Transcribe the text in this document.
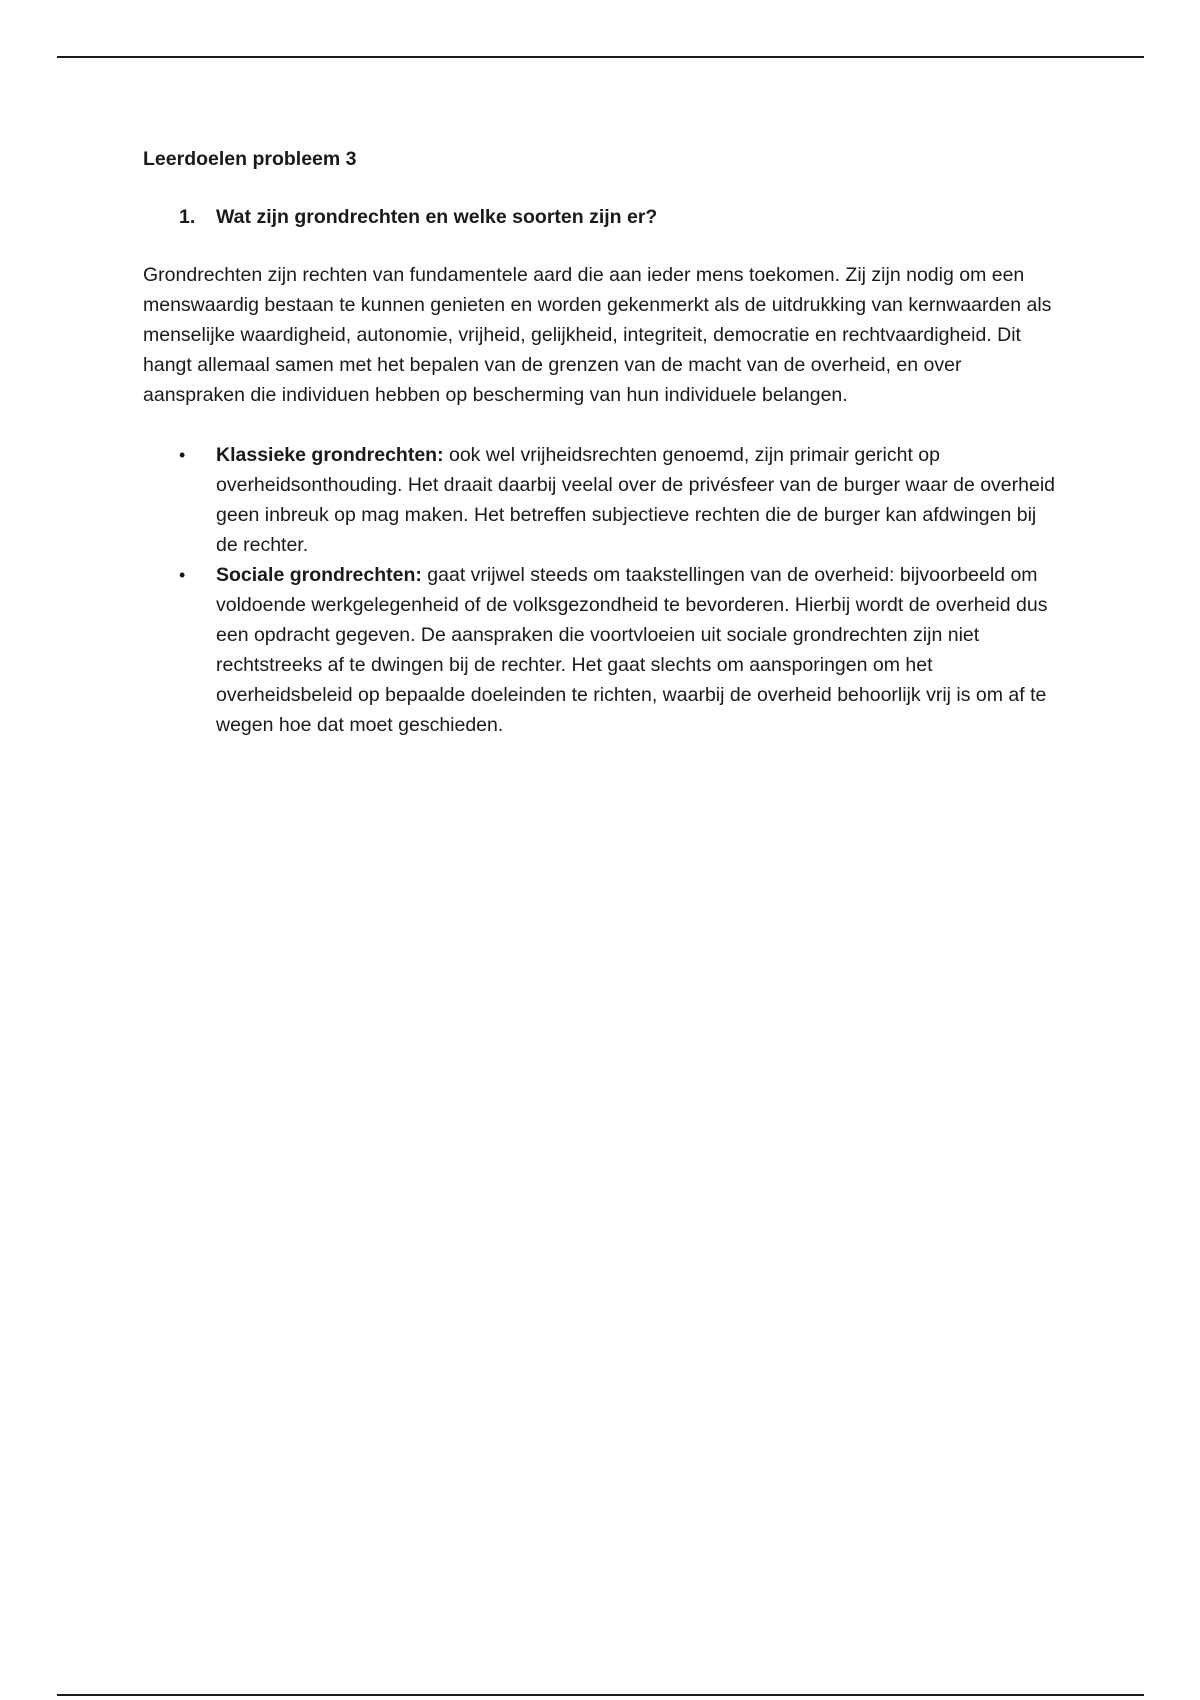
Leerdoelen probleem 3

1.	Wat zijn grondrechten en welke soorten zijn er?

Grondrechten zijn rechten van fundamentele aard die aan ieder mens toekomen. Zij zijn nodig om een menswaardig bestaan te kunnen genieten en worden gekenmerkt als de uitdrukking van kernwaarden als menselijke waardigheid, autonomie, vrijheid, gelijkheid, integriteit, democratie en rechtvaardigheid. Dit hangt allemaal samen met het bepalen van de grenzen van de macht van de overheid, en over aanspraken die individuen hebben op bescherming van hun individuele belangen.

•	Klassieke grondrechten: ook wel vrijheidsrechten genoemd, zijn primair gericht op overheidsonthouding. Het draait daarbij veelal over de privésfeer van de burger waar de overheid geen inbreuk op mag maken. Het betreffen subjectieve rechten die de burger kan afdwingen bij de rechter.
•	Sociale grondrechten: gaat vrijwel steeds om taakstellingen van de overheid: bijvoorbeeld om voldoende werkgelegenheid of de volksgezondheid te bevorderen. Hierbij wordt de overheid dus een opdracht gegeven. De aanspraken die voortvloeien uit sociale grondrechten zijn niet rechtstreeks af te dwingen bij de rechter. Het gaat slechts om aansporingen om het overheidsbeleid op bepaalde doeleinden te richten, waarbij de overheid behoorlijk vrij is om af te wegen hoe dat moet geschieden.
